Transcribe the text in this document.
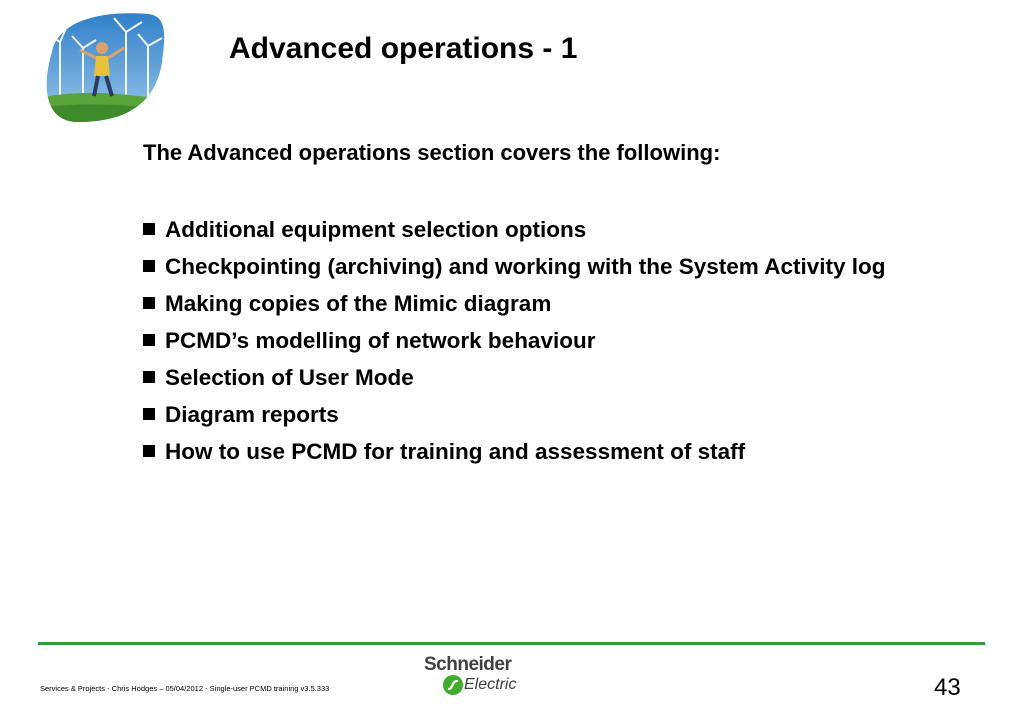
Advanced operations - 1
The Advanced operations section covers the following:
Additional equipment selection options
Checkpointing (archiving) and working with the System Activity log
Making copies of the Mimic diagram
PCMD’s modelling of network behaviour
Selection of User Mode
Diagram reports
How to use PCMD for training and assessment of staff
Services & Projects - Chris Hodges – 05/04/2012 - Single-user PCMD training v3.5.333
Schneider
Electric	43
